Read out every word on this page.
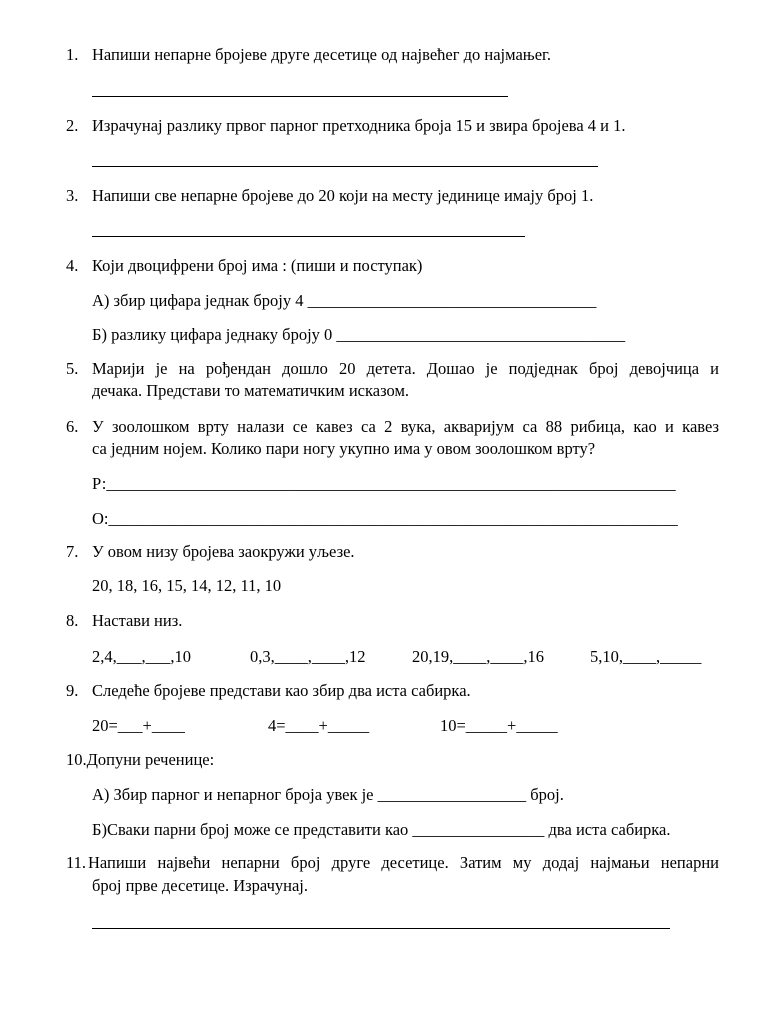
1. Напиши непарне бројеве друге десетице од највећег до најмањег.
2. Израчунај разлику првог парног претходника броја 15 и звира бројева 4 и 1.
3. Напиши све непарне бројеве до 20 који на месту јединице имају број 1.
4. Који двоцифрени број има : (пиши и поступак)
А) збир цифара једнак броју 4 ___________________________________
Б) разлику цифара једнаку броју 0 ___________________________________
5. Марији је на рођендан дошло 20 детета. Дошао је подједнак број девојчица и
дечака. Представи то математичким исказом.
6. У зоолошком врту налази се кавез са 2 вука, акваријум са 88 рибица, као и кавез
са једним нојем. Колико пари ногу укупно има у овом зоолошком врту?
Р:_____________________________________________________________________
О:_____________________________________________________________________
7. У овом низу бројева заокружи уљезе.
20, 18, 16, 15, 14, 12, 11, 10
8. Настави низ.
2,4,___,___,10	0,3,____,____,12	20,19,____,____,16	5,10,____,_____
9. Следеће бројеве представи као збир два иста сабирка.
20=___+____	4=____+_____	10=_____+_____
10.Допуни реченице:
А) Збир парног и непарног броја увек је __________________ број.
Б)Сваки парни број може се представити као ________________ два иста сабирка.
11. Напиши највећи непарни број друге десетице. Затим му додај најмањи непарни
број прве десетице. Израчунај.
